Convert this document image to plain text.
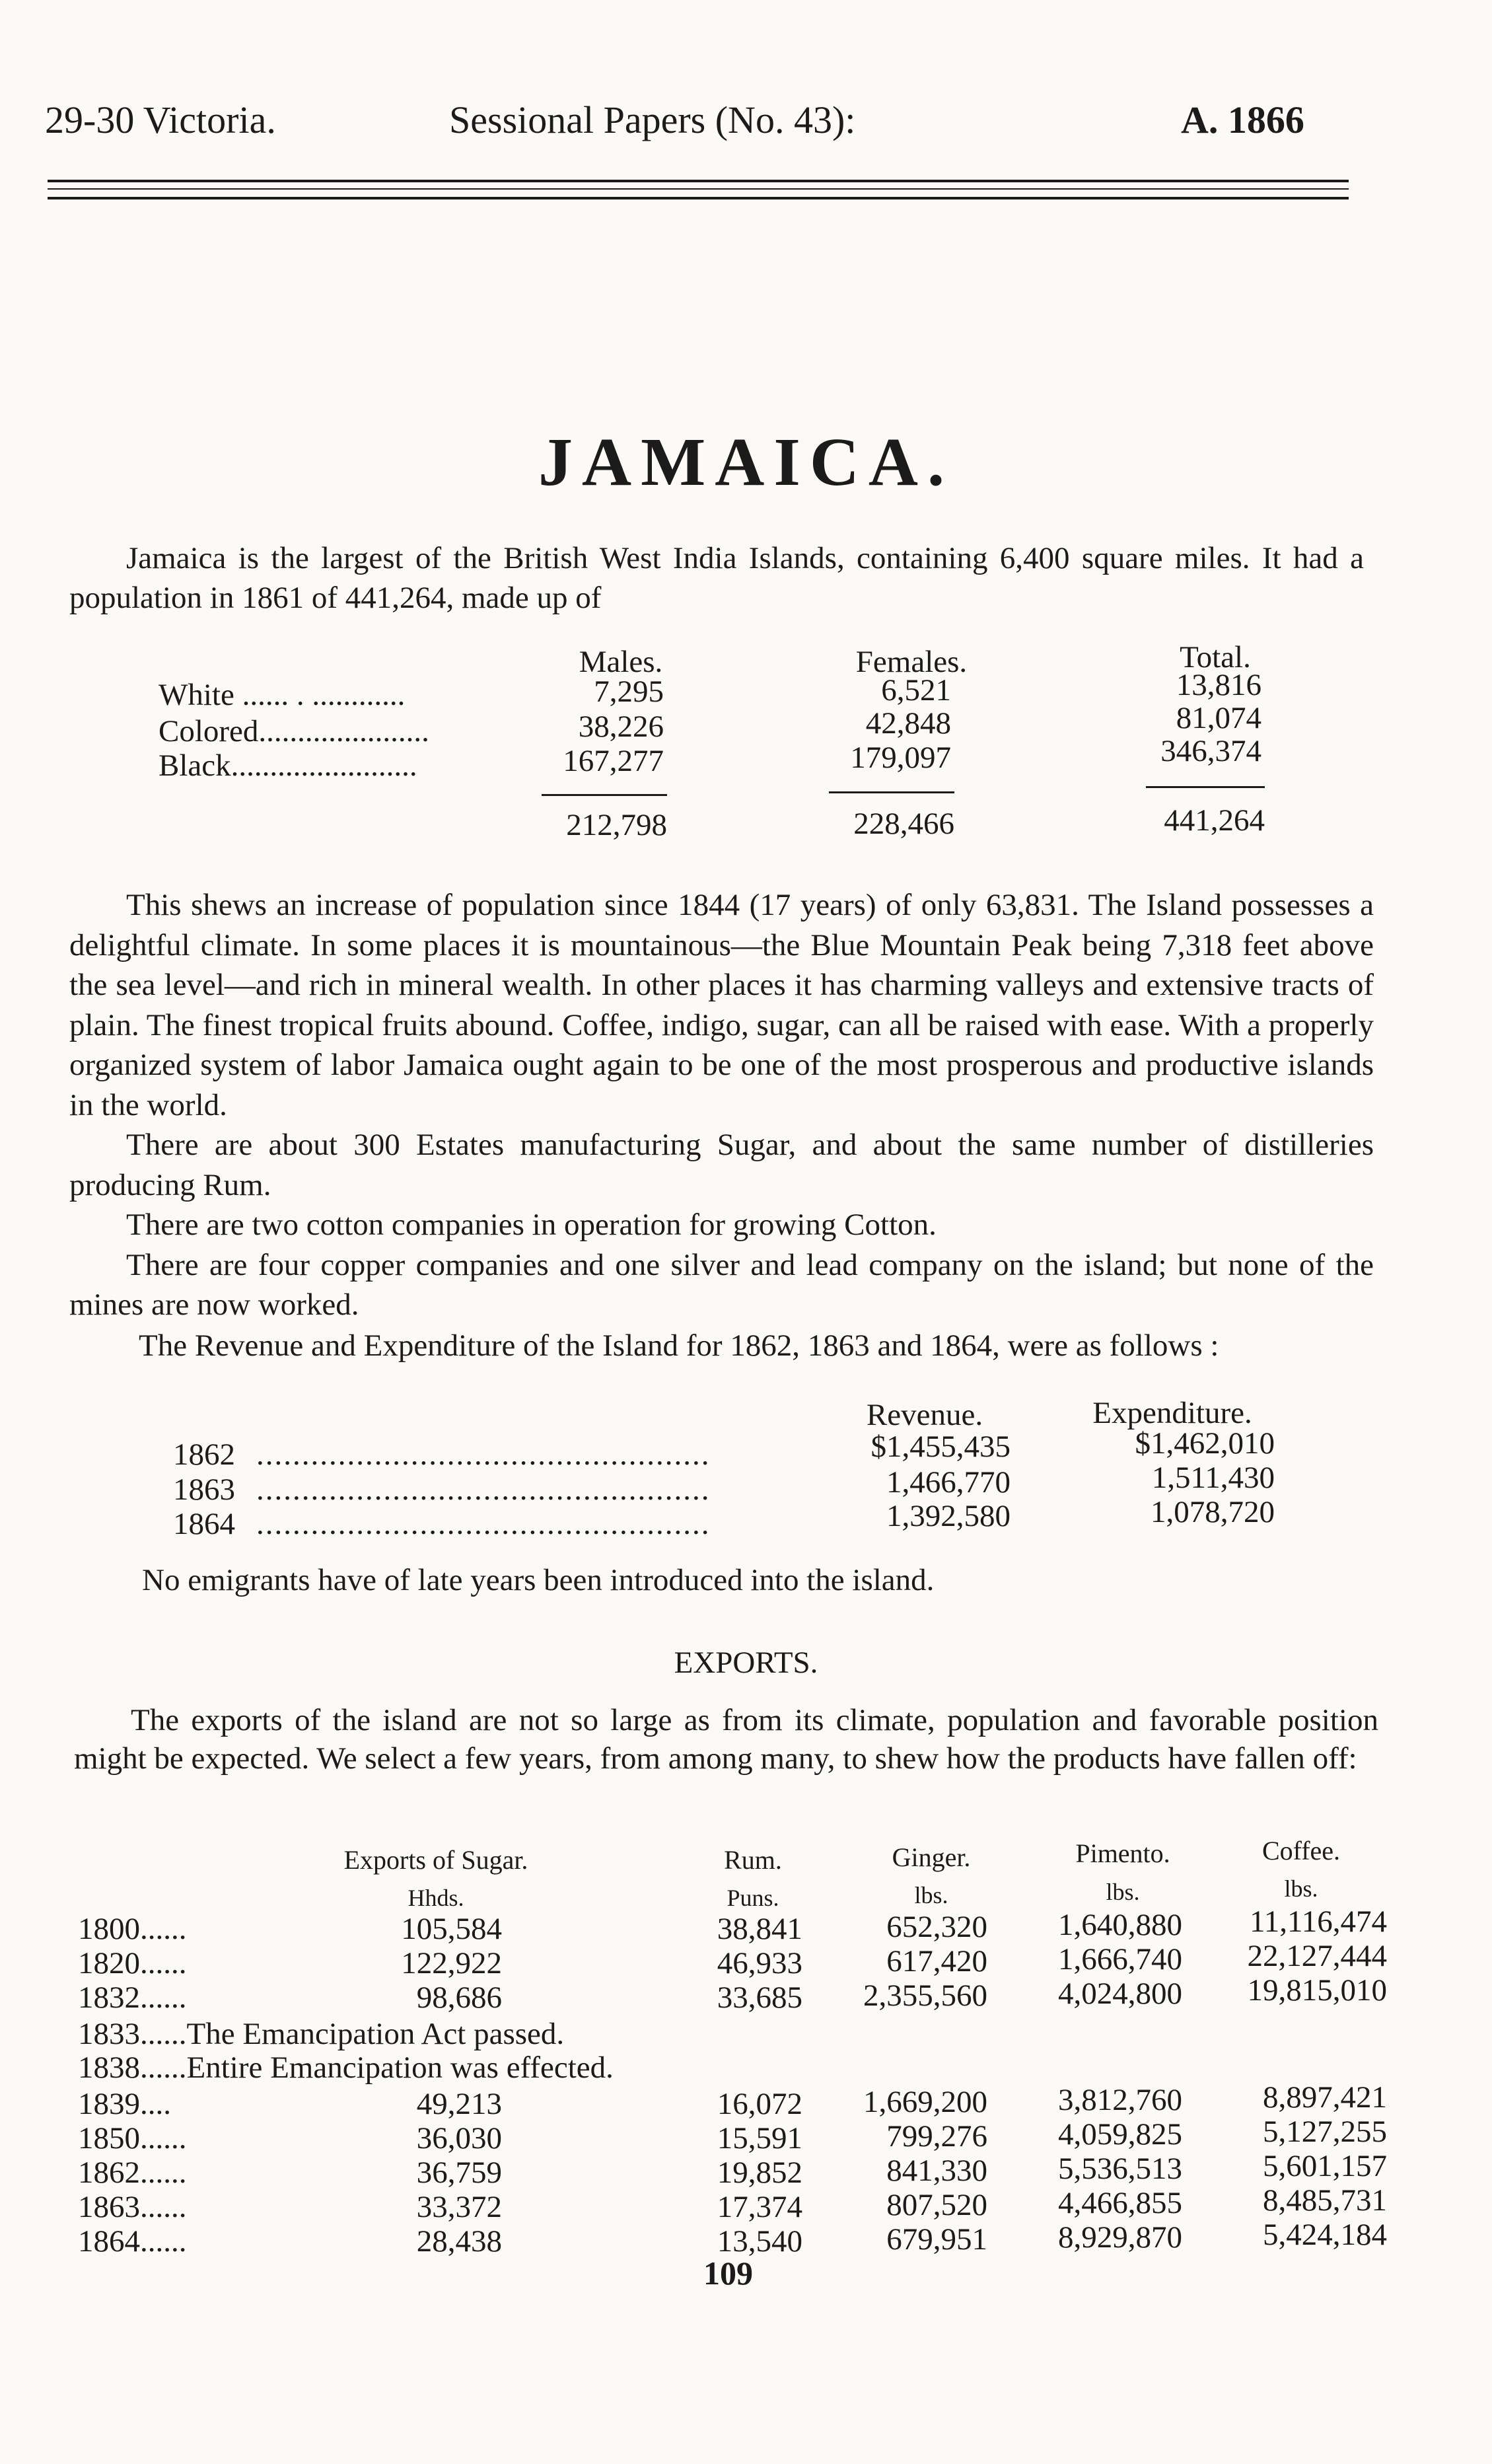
29-30 Victoria.	Sessional Papers (No. 43):	A. 1866
JAMAICA.

Jamaica is the largest of the British West India Islands, containing 6,400 square miles. It had a population in 1861 of 441,264, made up of

Males.	Females.	Total.
White ...... . ............	7,295	6,521	13,816
Colored......................	38,226	42,848	81,074
Black........................	167,277	179,097	346,374
212,798	228,466	441,264

This shews an increase of population since 1844 (17 years) of only 63,831. The Island possesses a delightful climate. In some places it is mountainous—the Blue Mountain Peak being 7,318 feet above the sea level—and rich in mineral wealth. In other places it has charming valleys and extensive tracts of plain. The finest tropical fruits abound. Coffee, indigo, sugar, can all be raised with ease. With a properly organized system of labor Jamaica ought again to be one of the most prosperous and productive islands in the world.

There are about 300 Estates manufacturing Sugar, and about the same number of distilleries producing Rum.

There are two cotton companies in operation for growing Cotton.

There are four copper companies and one silver and lead company on the island; but none of the mines are now worked.

The Revenue and Expenditure of the Island for 1862, 1863 and 1864, were as follows :
Revenue.	Expenditure.
1862 ..................................................	$1,455,435	$1,462,010
1863 ..................................................	1,466,770	1,511,430
1864 ..................................................	1,392,580	1,078,720
No emigrants have of late years been introduced into the island.
EXPORTS.

The exports of the island are not so large as from its climate, population and favorable position might be expected. We select a few years, from among many, to shew how the products have fallen off:

Exports of Sugar.	Rum.	Ginger.	Pimento.	Coffee.
Hhds.	Puns.	lbs.	lbs.	lbs.
1800......	105,584	38,841	652,320	1,640,880	11,116,474
1820......	122,922	46,933	617,420	1,666,740	22,127,444
1832......	98,686	33,685	2,355,560	4,024,800	19,815,010
1833......The Emancipation Act passed.
1838......Entire Emancipation was effected.
1839....	49,213	16,072	1,669,200	3,812,760	8,897,421
1850......	36,030	15,591	799,276	4,059,825	5,127,255
1862......	36,759	19,852	841,330	5,536,513	5,601,157
1863......	33,372	17,374	807,520	4,466,855	8,485,731
1864......	28,438	13,540	679,951	8,929,870	5,424,184
109
